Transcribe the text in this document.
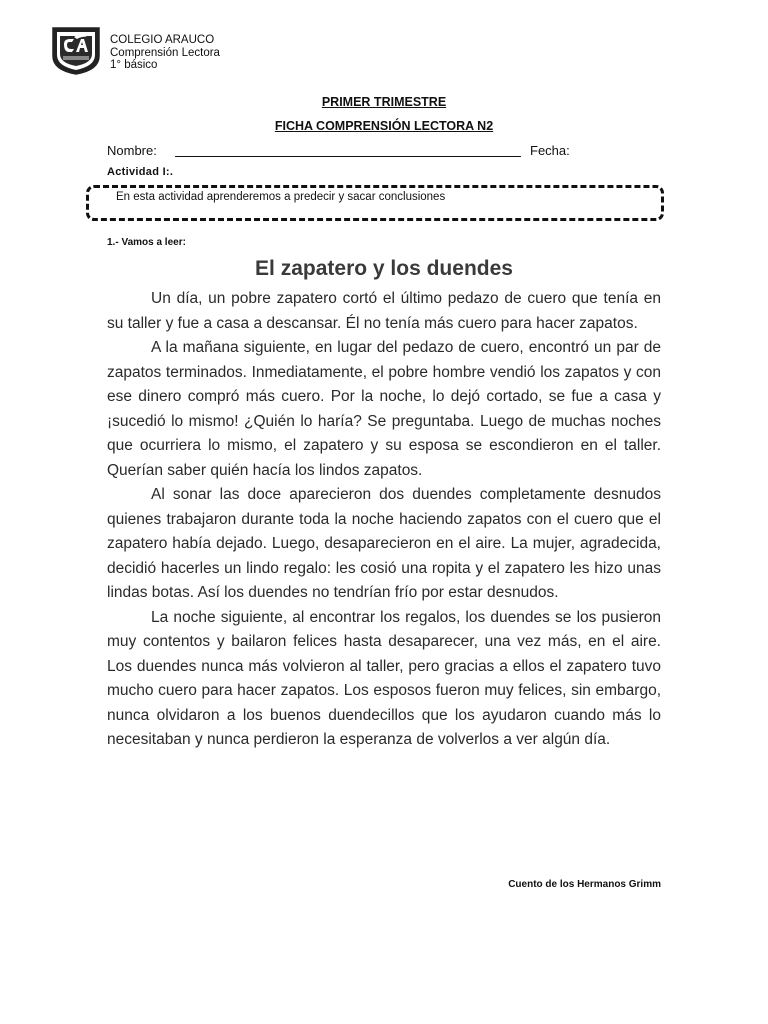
COLEGIO ARAUCO
Comprensión Lectora
1° básico
PRIMER TRIMESTRE
FICHA COMPRENSIÓN LECTORA N2
Nombre:	Fecha:
Actividad I:.
En esta actividad aprenderemos a predecir y sacar conclusiones
1.- Vamos a leer:
El zapatero y los duendes

Un día, un pobre zapatero cortó el último pedazo de cuero que tenía en su taller y fue a casa a descansar. Él no tenía más cuero para hacer zapatos.

A la mañana siguiente, en lugar del pedazo de cuero, encontró un par de zapatos terminados. Inmediatamente, el pobre hombre vendió los zapatos y con ese dinero compró más cuero. Por la noche, lo dejó cortado, se fue a casa y ¡sucedió lo mismo! ¿Quién lo haría? Se preguntaba. Luego de muchas noches que ocurriera lo mismo, el zapatero y su esposa se escondieron en el taller. Querían saber quién hacía los lindos zapatos.

Al sonar las doce aparecieron dos duendes completamente desnudos quienes trabajaron durante toda la noche haciendo zapatos con el cuero que el zapatero había dejado. Luego, desaparecieron en el aire. La mujer, agradecida, decidió hacerles un lindo regalo: les cosió una ropita y el zapatero les hizo unas lindas botas. Así los duendes no tendrían frío por estar desnudos.

La noche siguiente, al encontrar los regalos, los duendes se los pusieron muy contentos y bailaron felices hasta desaparecer, una vez más, en el aire. Los duendes nunca más volvieron al taller, pero gracias a ellos el zapatero tuvo mucho cuero para hacer zapatos. Los esposos fueron muy felices, sin embargo, nunca olvidaron a los buenos duendecillos que los ayudaron cuando más lo necesitaban y nunca perdieron la esperanza de volverlos a ver algún día.

Cuento de los Hermanos Grimm
